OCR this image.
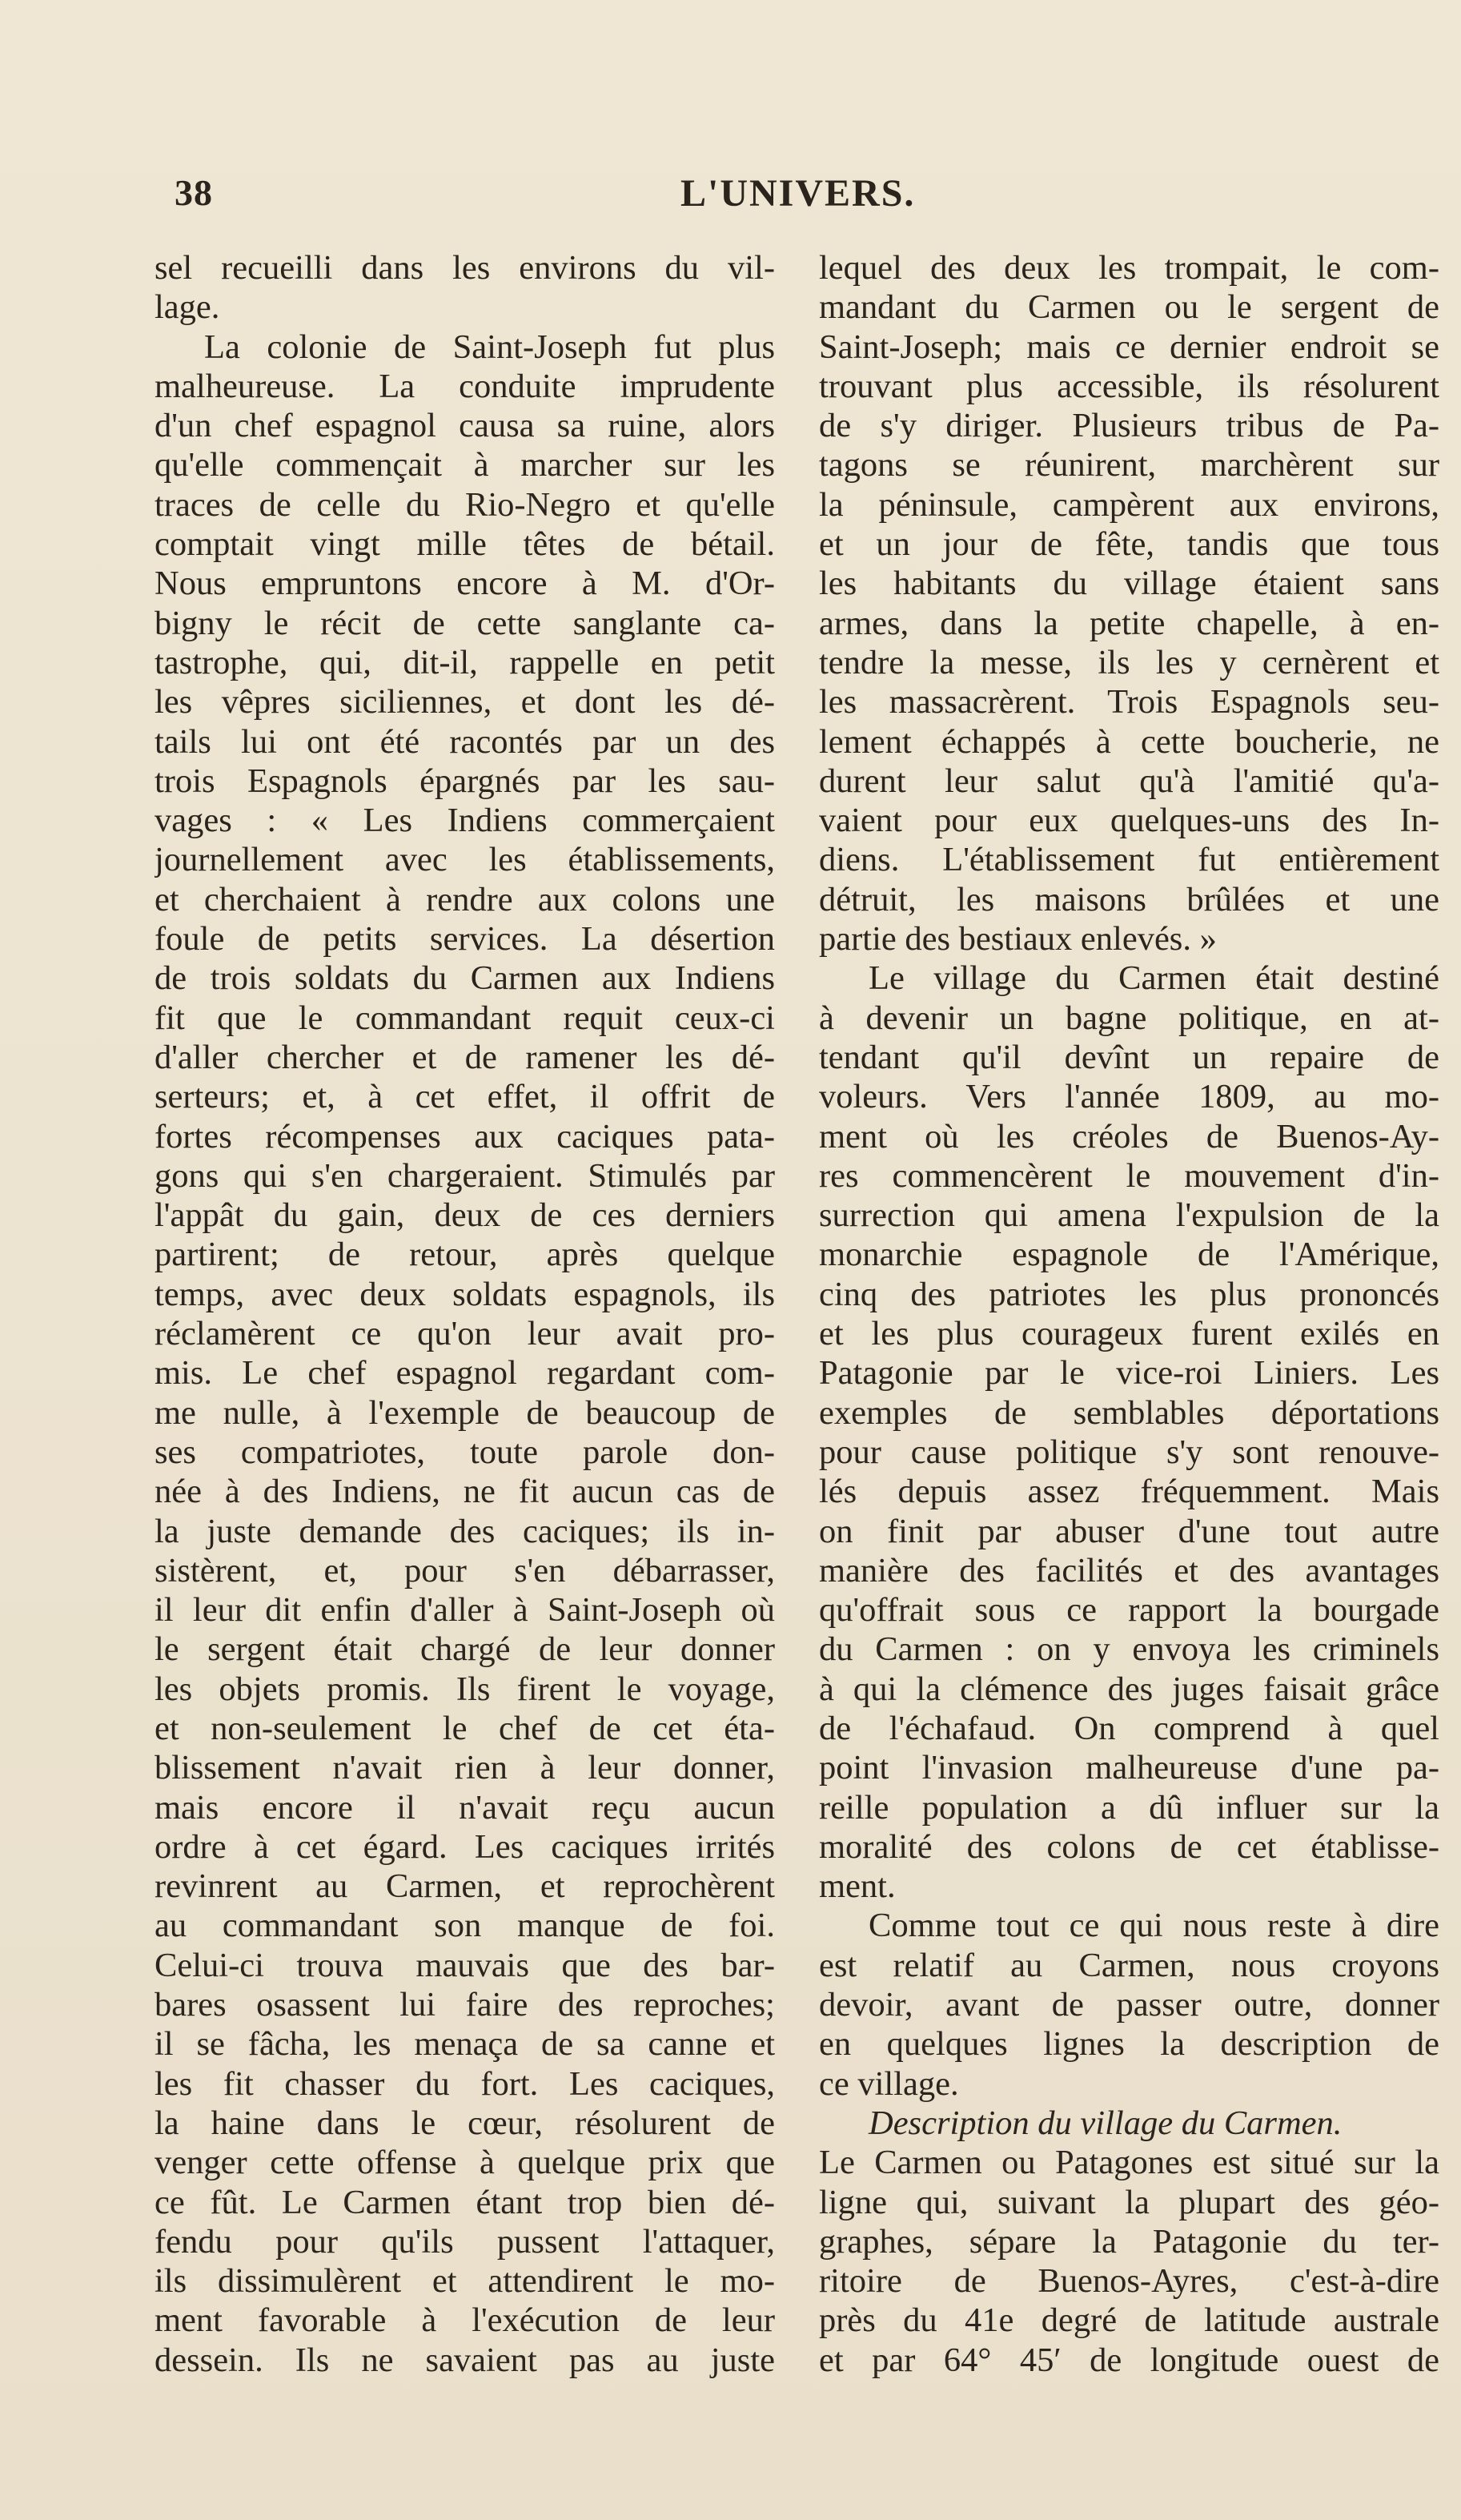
38	L'UNIVERS.
sel recueilli dans les environs du vil-
lage.
La colonie de Saint-Joseph fut plus
malheureuse. La conduite imprudente
d'un chef espagnol causa sa ruine, alors
qu'elle commençait à marcher sur les
traces de celle du Rio-Negro et qu'elle
comptait vingt mille têtes de bétail.
Nous empruntons encore à M. d'Or-
bigny le récit de cette sanglante ca-
tastrophe, qui, dit-il, rappelle en petit
les vêpres siciliennes, et dont les dé-
tails lui ont été racontés par un des
trois Espagnols épargnés par les sau-
vages : « Les Indiens commerçaient
journellement avec les établissements,
et cherchaient à rendre aux colons une
foule de petits services. La désertion
de trois soldats du Carmen aux Indiens
fit que le commandant requit ceux-ci
d'aller chercher et de ramener les dé-
serteurs; et, à cet effet, il offrit de
fortes récompenses aux caciques pata-
gons qui s'en chargeraient. Stimulés par
l'appât du gain, deux de ces derniers
partirent; de retour, après quelque
temps, avec deux soldats espagnols, ils
réclamèrent ce qu'on leur avait pro-
mis. Le chef espagnol regardant com-
me nulle, à l'exemple de beaucoup de
ses compatriotes, toute parole don-
née à des Indiens, ne fit aucun cas de
la juste demande des caciques; ils in-
sistèrent, et, pour s'en débarrasser,
il leur dit enfin d'aller à Saint-Joseph où
le sergent était chargé de leur donner
les objets promis. Ils firent le voyage,
et non-seulement le chef de cet éta-
blissement n'avait rien à leur donner,
mais encore il n'avait reçu aucun
ordre à cet égard. Les caciques irrités
revinrent au Carmen, et reprochèrent
au commandant son manque de foi.
Celui-ci trouva mauvais que des bar-
bares osassent lui faire des reproches;
il se fâcha, les menaça de sa canne et
les fit chasser du fort. Les caciques,
la haine dans le cœur, résolurent de
venger cette offense à quelque prix que
ce fût. Le Carmen étant trop bien dé-
fendu pour qu'ils pussent l'attaquer,
ils dissimulèrent et attendirent le mo-
ment favorable à l'exécution de leur
dessein. Ils ne savaient pas au juste
lequel des deux les trompait, le com-
mandant du Carmen ou le sergent de
Saint-Joseph; mais ce dernier endroit se
trouvant plus accessible, ils résolurent
de s'y diriger. Plusieurs tribus de Pa-
tagons se réunirent, marchèrent sur
la péninsule, campèrent aux environs,
et un jour de fête, tandis que tous
les habitants du village étaient sans
armes, dans la petite chapelle, à en-
tendre la messe, ils les y cernèrent et
les massacrèrent. Trois Espagnols seu-
lement échappés à cette boucherie, ne
durent leur salut qu'à l'amitié qu'a-
vaient pour eux quelques-uns des In-
diens. L'établissement fut entièrement
détruit, les maisons brûlées et une
partie des bestiaux enlevés. »
Le village du Carmen était destiné
à devenir un bagne politique, en at-
tendant qu'il devînt un repaire de
voleurs. Vers l'année 1809, au mo-
ment où les créoles de Buenos-Ay-
res commencèrent le mouvement d'in-
surrection qui amena l'expulsion de la
monarchie espagnole de l'Amérique,
cinq des patriotes les plus prononcés
et les plus courageux furent exilés en
Patagonie par le vice-roi Liniers. Les
exemples de semblables déportations
pour cause politique s'y sont renouve-
lés depuis assez fréquemment. Mais
on finit par abuser d'une tout autre
manière des facilités et des avantages
qu'offrait sous ce rapport la bourgade
du Carmen : on y envoya les criminels
à qui la clémence des juges faisait grâce
de l'échafaud. On comprend à quel
point l'invasion malheureuse d'une pa-
reille population a dû influer sur la
moralité des colons de cet établisse-
ment.
Comme tout ce qui nous reste à dire
est relatif au Carmen, nous croyons
devoir, avant de passer outre, donner
en quelques lignes la description de
ce village.
Description du village du Carmen.
Le Carmen ou Patagones est situé sur la
ligne qui, suivant la plupart des géo-
graphes, sépare la Patagonie du ter-
ritoire de Buenos-Ayres, c'est-à-dire
près du 41e degré de latitude australe
et par 64° 45′ de longitude ouest de
